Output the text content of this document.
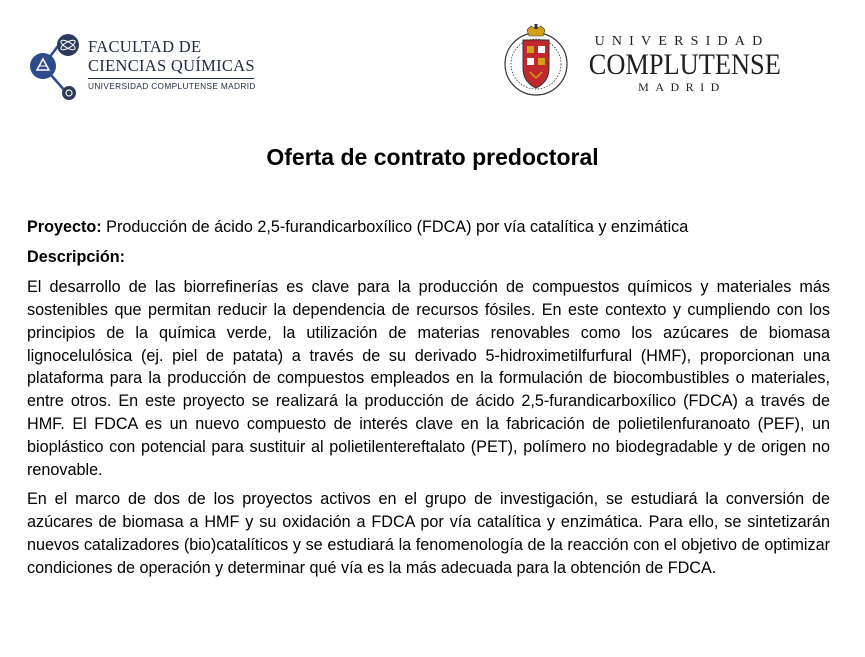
FACULTAD DE
CIENCIAS QUÍMICAS
UNIVERSIDAD COMPLUTENSE MADRID
UNIVERSIDAD
COMPLUTENSE
MADRID
Oferta de contrato predoctoral
Proyecto: Producción de ácido 2,5-furandicarboxílico (FDCA) por vía catalítica y enzimática
Descripción:

El desarrollo de las biorrefinerías es clave para la producción de compuestos químicos y materiales más sostenibles que permitan reducir la dependencia de recursos fósiles. En este contexto y cumpliendo con los principios de la química verde, la utilización de materias renovables como los azúcares de biomasa lignocelulósica (ej. piel de patata) a través de su derivado 5-hidroximetilfurfural (HMF), proporcionan una plataforma para la producción de compuestos empleados en la formulación de biocombustibles o materiales, entre otros. En este proyecto se realizará la producción de ácido 2,5-furandicarboxílico (FDCA) a través de HMF. El FDCA es un nuevo compuesto de interés clave en la fabricación de polietilenfuranoato (PEF), un bioplástico con potencial para sustituir al polietilentereftalato (PET), polímero no biodegradable y de origen no renovable.

En el marco de dos de los proyectos activos en el grupo de investigación, se estudiará la conversión de azúcares de biomasa a HMF y su oxidación a FDCA por vía catalítica y enzimática. Para ello, se sintetizarán nuevos catalizadores (bio)catalíticos y se estudiará la fenomenología de la reacción con el objetivo de optimizar condiciones de operación y determinar qué vía es la más adecuada para la obtención de FDCA.
